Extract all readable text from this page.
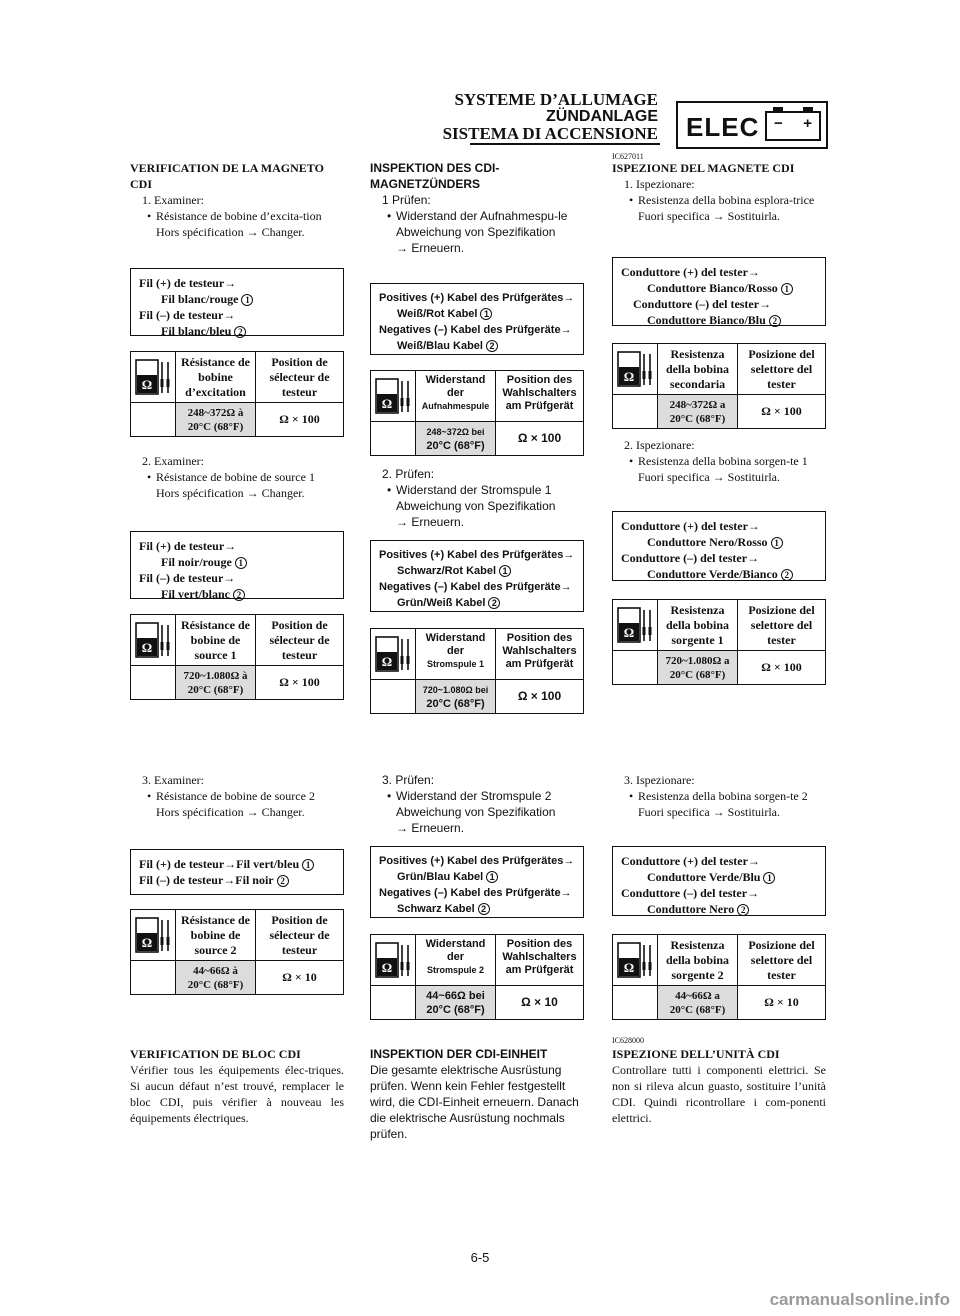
SYSTEME D’ALLUMAGE
ZÜNDANLAGE
SISTEMA DI ACCENSIONE ELEC − +
VERIFICATION DE LA MAGNETO CDI
1. Examiner:
• Résistance de bobine d’excita-tion
Hors spécification → Changer.
Fil (+) de testeur→
Fil blanc/rouge 1
Fil (–) de testeur→
Fil blanc/bleu 2
Ω
Résistance de bobine d’excitation
Position de sélecteur de testeur
248~372Ω à
20°C (68°F)
Ω × 100
2. Examiner:
• Résistance de bobine de source 1
Hors spécification → Changer.
Fil (+) de testeur→
Fil noir/rouge 1
Fil (–) de testeur→
Fil vert/blanc 2
Ω
Résistance de bobine de source 1
Position de sélecteur de testeur
720~1.080Ω à
20°C (68°F)
Ω × 100
3. Examiner:
• Résistance de bobine de source 2
Hors spécification → Changer.
Fil (+) de testeur→Fil vert/bleu 1
Fil (–) de testeur→Fil noir 2
Ω
Résistance de bobine de source 2
Position de sélecteur de testeur
44~66Ω à
20°C (68°F)
Ω × 10
VERIFICATION DE BLOC CDI
Vérifier tous les équipements élec-triques. Si aucun défaut n’est trouvé, remplacer le bloc CDI, puis vérifier à nouveau les équipements électriques.
INSPEKTION DES CDI-MAGNETZÜNDERS
1 Prüfen:
• Widerstand der Aufnahmespu-le
Abweichung von Spezifikation
→ Erneuern.
Positives (+) Kabel des Prüfgerätes→
Weiß/Rot Kabel 1
Negatives (–) Kabel des Prüfgeräte→
Weiß/Blau Kabel 2
Ω
Widerstand der
Aufnahmespule
Position des Wahlschalters am Prüfgerät
248~372Ω bei
20°C (68°F)
Ω × 100
2. Prüfen:
• Widerstand der Stromspule 1
Abweichung von Spezifikation
→ Erneuern.
Positives (+) Kabel des Prüfgerätes→
Schwarz/Rot Kabel 1
Negatives (–) Kabel des Prüfgeräte→
Grün/Weiß Kabel 2
Ω
Widerstand der
Stromspule 1
Position des Wahlschalters am Prüfgerät
720~1.080Ω bei
20°C (68°F)
Ω × 100
3. Prüfen:
• Widerstand der Stromspule 2
Abweichung von Spezifikation
→ Erneuern.
Positives (+) Kabel des Prüfgerätes→
Grün/Blau Kabel 1
Negatives (–) Kabel des Prüfgeräte→
Schwarz Kabel 2
Ω
Widerstand der
Stromspule 2
Position des Wahlschalters am Prüfgerät
44~66Ω bei
20°C (68°F)
Ω × 10
INSPEKTION DER CDI-EINHEIT
Die gesamte elektrische Ausrüstung prüfen. Wenn kein Fehler festgestellt wird, die CDI-Einheit erneuern. Danach die elektrische Ausrüstung nochmals prüfen.
IC627011
ISPEZIONE DEL MAGNETE CDI
1. Ispezionare:
• Resistenza della bobina esplora-trice
Fuori specifica → Sostituirla.
Conduttore (+) del tester→
Conduttore Bianco/Rosso 1
Conduttore (–) del tester→
Conduttore Bianco/Blu 2
Ω
Resistenza della bobina secondaria
Posizione del selettore del tester
248~372Ω a
20°C (68°F)
Ω × 100
2. Ispezionare:
• Resistenza della bobina sorgen-te 1
Fuori specifica → Sostituirla.
Conduttore (+) del tester→
Conduttore Nero/Rosso 1
Conduttore (–) del tester→
Conduttore Verde/Bianco 2
Ω
Resistenza della bobina sorgente 1
Posizione del selettore del tester
720~1.080Ω a
20°C (68°F)
Ω × 100
3. Ispezionare:
• Resistenza della bobina sorgen-te 2
Fuori specifica → Sostituirla.
Conduttore (+) del tester→
Conduttore Verde/Blu 1
Conduttore (–) del tester→
Conduttore Nero 2
Ω
Resistenza della bobina sorgente 2
Posizione del selettore del tester
44~66Ω a
20°C (68°F)
Ω × 10
IC628000
ISPEZIONE DELL’UNITÀ CDI
Controllare tutti i componenti elettrici. Se non si rileva alcun guasto, sostituire l’unità CDI. Quindi ricontrollare i com-ponenti elettrici.
6-5
carmanualsonline.info
